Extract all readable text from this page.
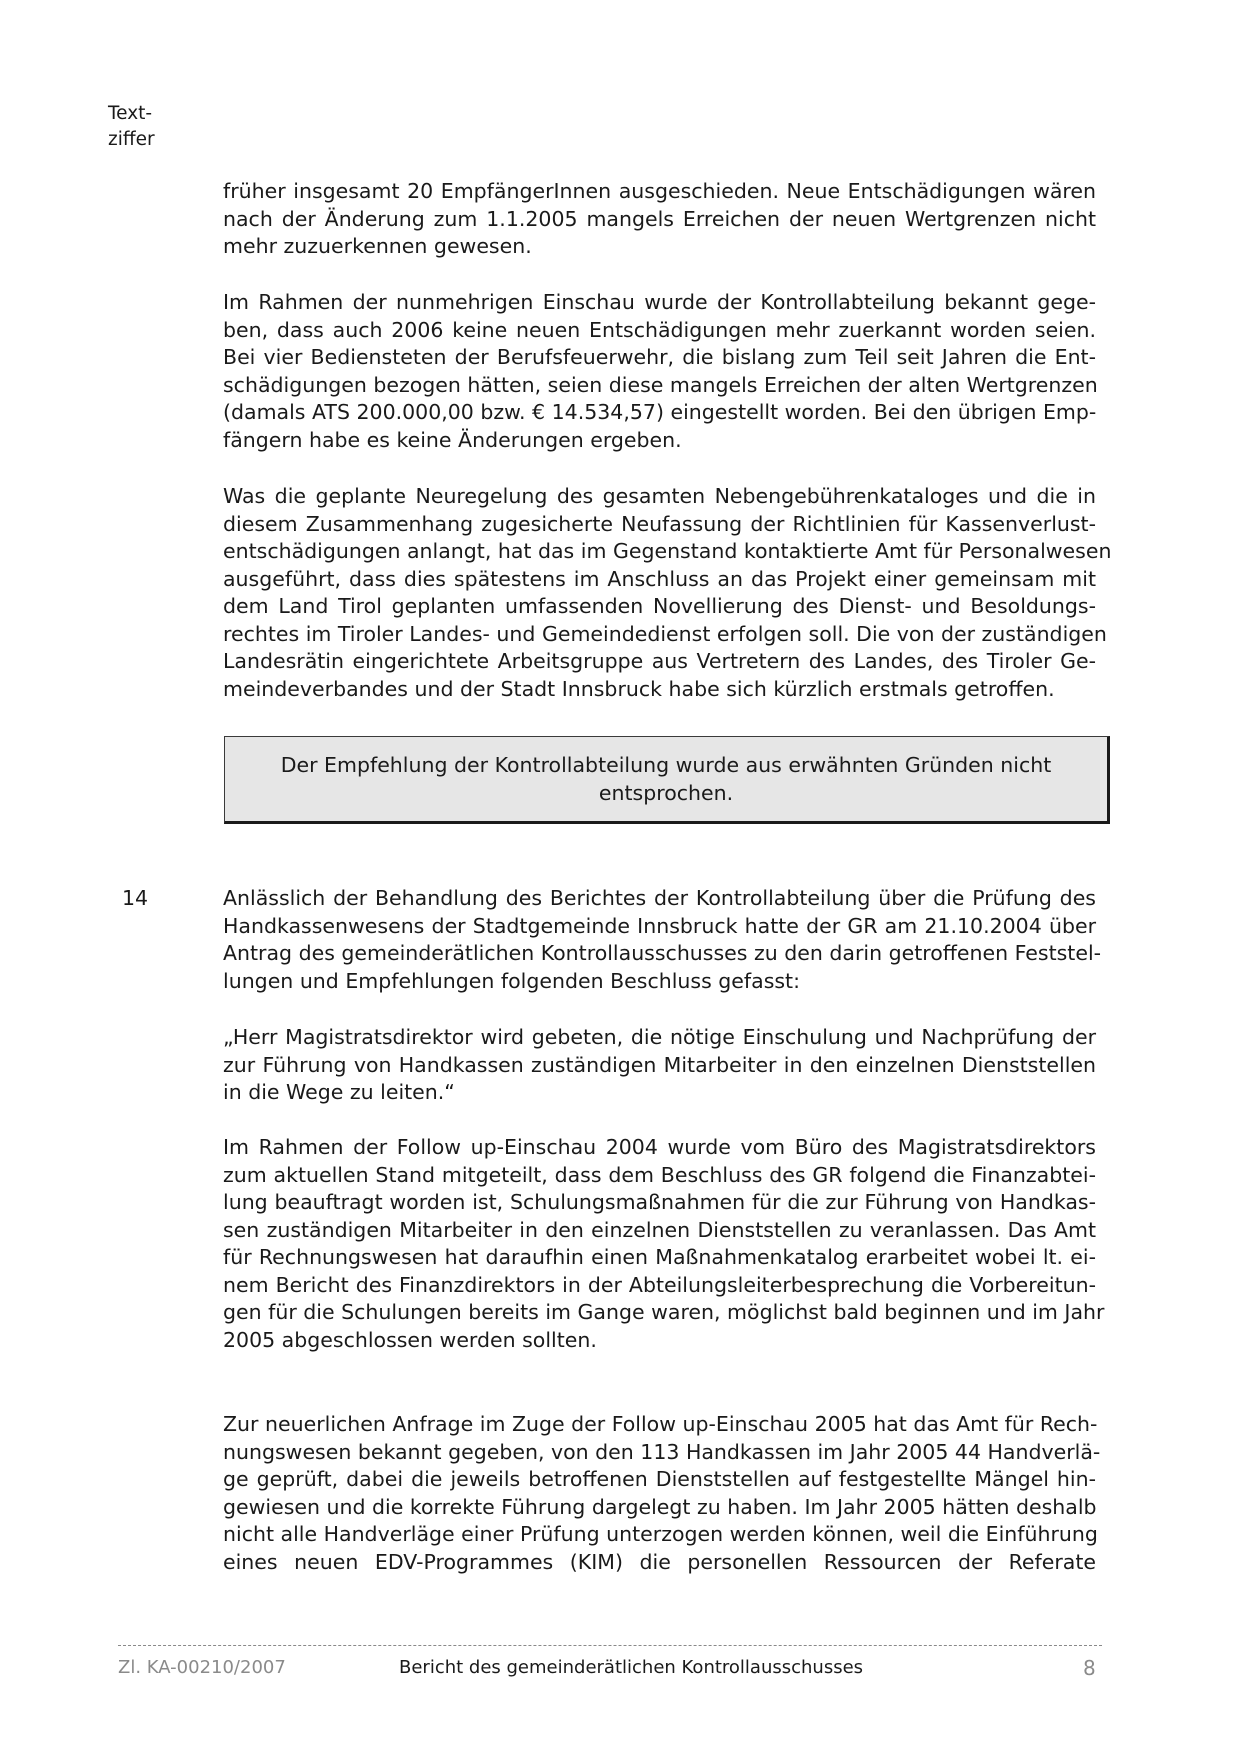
Text-
ziffer
früher insgesamt 20 EmpfängerInnen ausgeschieden. Neue Entschädigungen wären
nach der Änderung zum 1.1.2005 mangels Erreichen der neuen Wertgrenzen nicht
mehr zuzuerkennen gewesen.
Im Rahmen der nunmehrigen Einschau wurde der Kontrollabteilung bekannt gege-
ben, dass auch 2006 keine neuen Entschädigungen mehr zuerkannt worden seien.
Bei vier Bediensteten der Berufsfeuerwehr, die bislang zum Teil seit Jahren die Ent-
schädigungen bezogen hätten, seien diese mangels Erreichen der alten Wertgrenzen
(damals ATS 200.000,00 bzw. € 14.534,57) eingestellt worden. Bei den übrigen Emp-
fängern habe es keine Änderungen ergeben.
Was die geplante Neuregelung des gesamten Nebengebührenkataloges und die in
diesem Zusammenhang zugesicherte Neufassung der Richtlinien für Kassenverlust-
entschädigungen anlangt, hat das im Gegenstand kontaktierte Amt für Personalwesen
ausgeführt, dass dies spätestens im Anschluss an das Projekt einer gemeinsam mit
dem Land Tirol geplanten umfassenden Novellierung des Dienst- und Besoldungs-
rechtes im Tiroler Landes- und Gemeindedienst erfolgen soll. Die von der zuständigen
Landesrätin eingerichtete Arbeitsgruppe aus Vertretern des Landes, des Tiroler Ge-
meindeverbandes und der Stadt Innsbruck habe sich kürzlich erstmals getroffen.
Der Empfehlung der Kontrollabteilung wurde aus erwähnten Gründen nicht
entsprochen.
14	Anlässlich der Behandlung des Berichtes der Kontrollabteilung über die Prüfung des
Handkassenwesens der Stadtgemeinde Innsbruck hatte der GR am 21.10.2004 über
Antrag des gemeinderätlichen Kontrollausschusses zu den darin getroffenen Feststel-
lungen und Empfehlungen folgenden Beschluss gefasst:
„Herr Magistratsdirektor wird gebeten, die nötige Einschulung und Nachprüfung der
zur Führung von Handkassen zuständigen Mitarbeiter in den einzelnen Dienststellen
in die Wege zu leiten.“
Im Rahmen der Follow up-Einschau 2004 wurde vom Büro des Magistratsdirektors
zum aktuellen Stand mitgeteilt, dass dem Beschluss des GR folgend die Finanzabtei-
lung beauftragt worden ist, Schulungsmaßnahmen für die zur Führung von Handkas-
sen zuständigen Mitarbeiter in den einzelnen Dienststellen zu veranlassen. Das Amt
für Rechnungswesen hat daraufhin einen Maßnahmenkatalog erarbeitet wobei lt. ei-
nem Bericht des Finanzdirektors in der Abteilungsleiterbesprechung die Vorbereitun-
gen für die Schulungen bereits im Gange waren, möglichst bald beginnen und im Jahr
2005 abgeschlossen werden sollten.
Zur neuerlichen Anfrage im Zuge der Follow up-Einschau 2005 hat das Amt für Rech-
nungswesen bekannt gegeben, von den 113 Handkassen im Jahr 2005 44 Handverlä-
ge geprüft, dabei die jeweils betroffenen Dienststellen auf festgestellte Mängel hin-
gewiesen und die korrekte Führung dargelegt zu haben. Im Jahr 2005 hätten deshalb
nicht alle Handverläge einer Prüfung unterzogen werden können, weil die Einführung
eines neuen EDV-Programmes (KIM) die personellen Ressourcen der Referate
Zl. KA-00210/2007	Bericht des gemeinderätlichen Kontrollausschusses	8
